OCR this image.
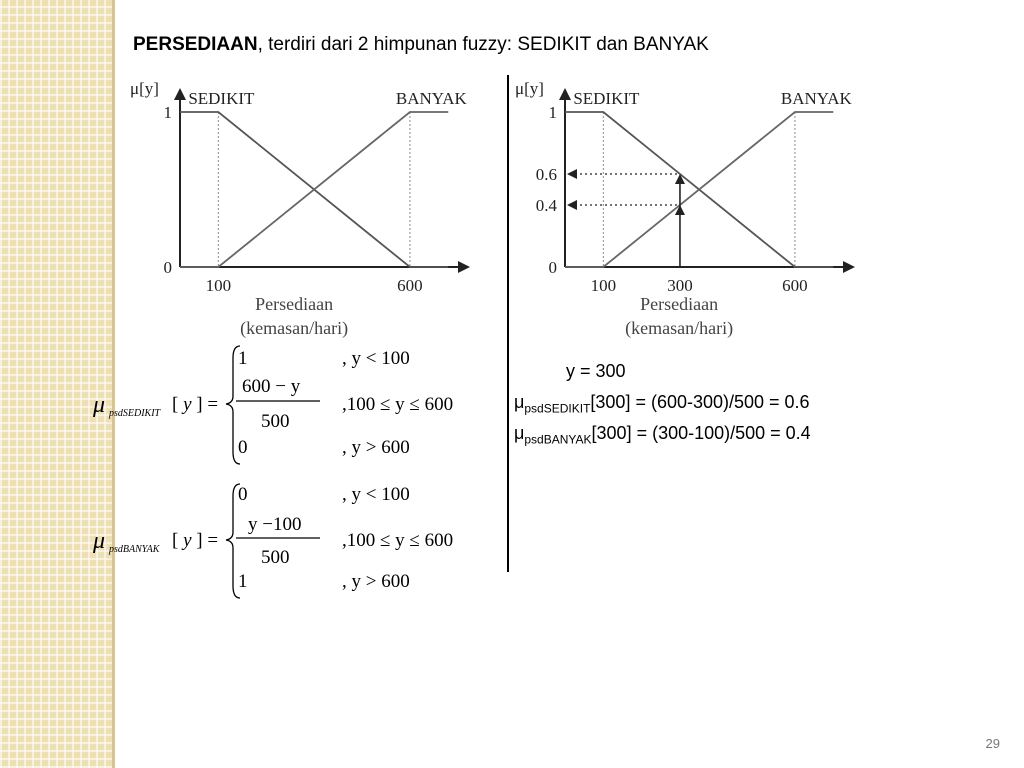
PERSEDIAAN, terdiri dari 2 himpunan fuzzy: SEDIKIT dan BANYAK
SEDIKIT	BANYAK
μ[y]
0
1
100	600
Persediaan
(kemasan/hari)
SEDIKIT	BANYAK
μ[y]
0
0.4
0.6
1
100	300	600
Persediaan
(kemasan/hari)
μ psdSEDIKIT [ y ] =
1	, y < 100
600 − y
500
,100 ≤ y ≤ 600
0	, y > 600
μ psdBANYAK [ y ] =
0	, y < 100
y −100
500
,100 ≤ y ≤ 600
1	, y > 600
y = 300
$\mu_{psdSEDIKIT}[300] = (600-300)/500 = 0.6$
$\mu_{psdBANYAK}[300] = (300-100)/500 = 0.4$
29
